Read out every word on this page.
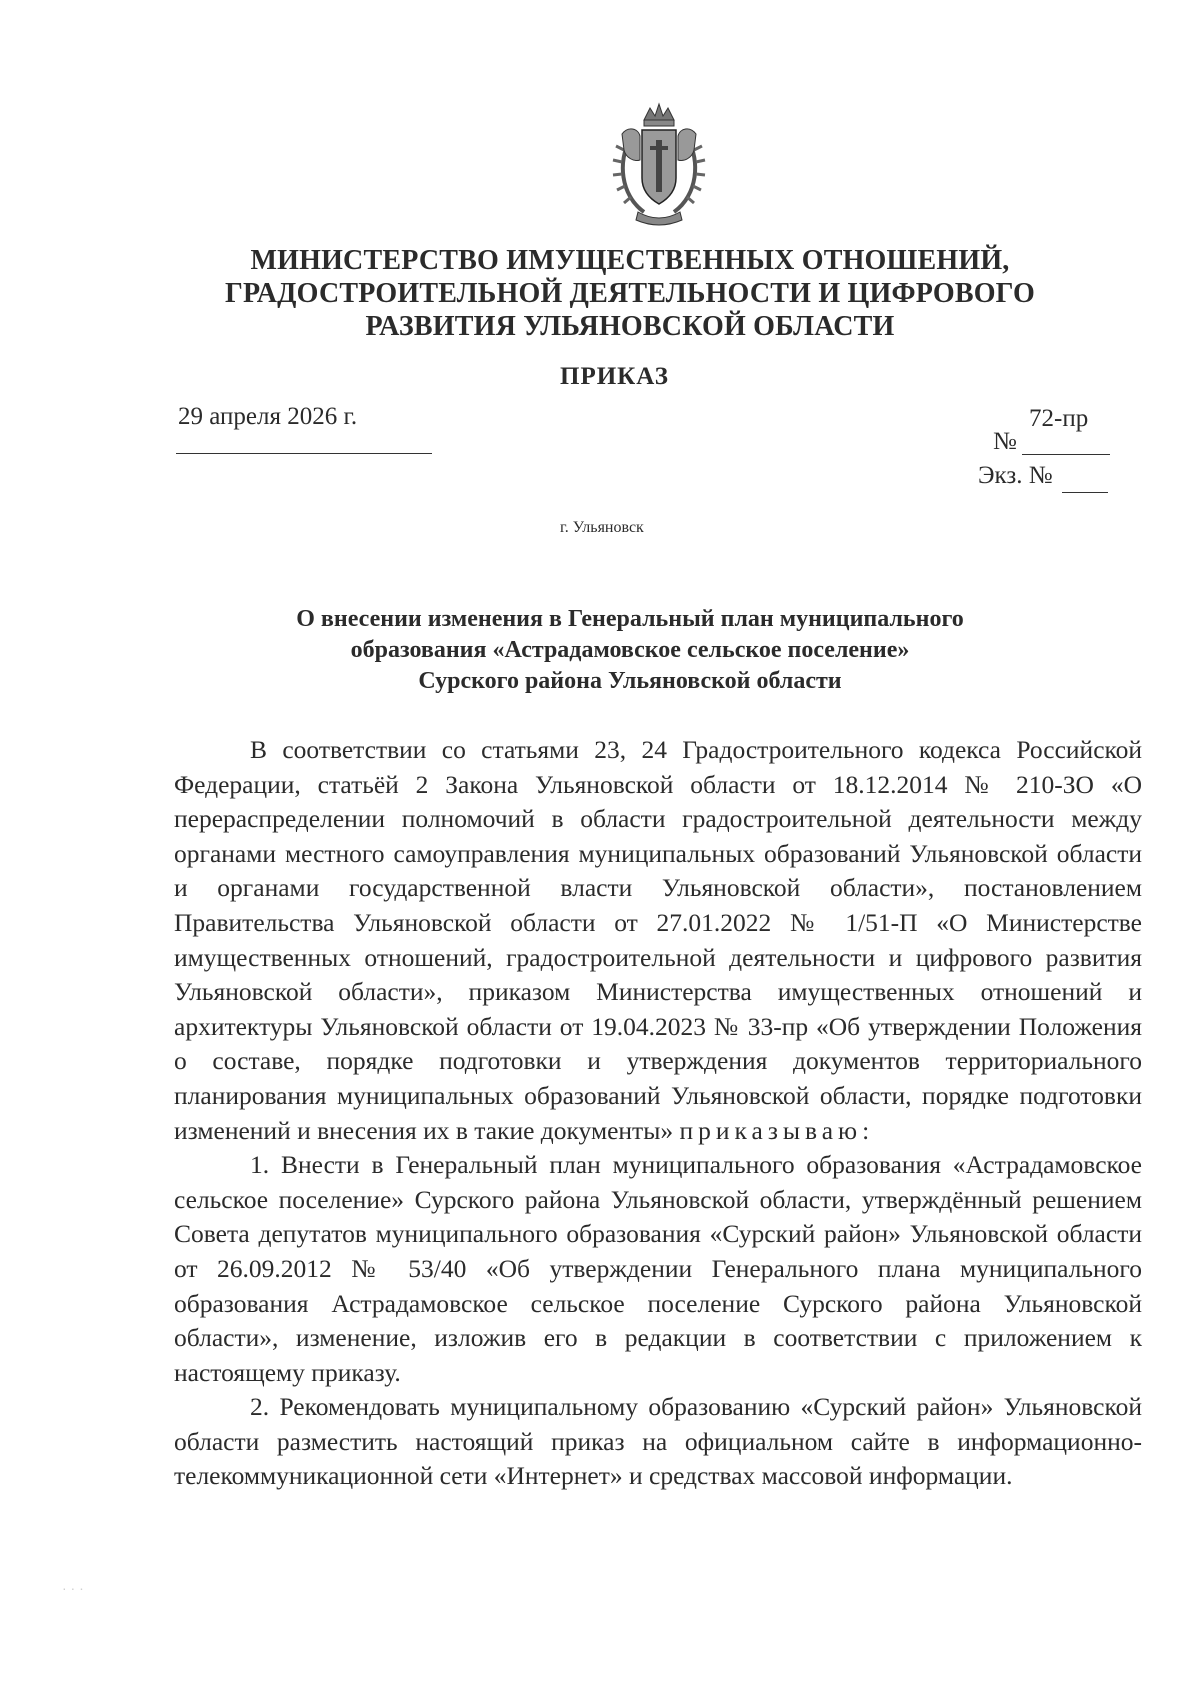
МИНИСТЕРСТВО ИМУЩЕСТВЕННЫХ ОТНОШЕНИЙ,
ГРАДОСТРОИТЕЛЬНОЙ ДЕЯТЕЛЬНОСТИ И ЦИФРОВОГО
РАЗВИТИЯ УЛЬЯНОВСКОЙ ОБЛАСТИ
ПРИКАЗ
29 апреля 2026 г.	72-пр
№
Экз. №
г. Ульяновск
О внесении изменения в Генеральный план муниципального
образования «Астрадамовское сельское поселение»
Сурского района Ульяновской области

В соответствии со статьями 23, 24 Градостроительного кодекса Российской Федерации, статьёй 2 Закона Ульяновской области от 18.12.2014 № 210-ЗО «О перераспределении полномочий в области градостроительной деятельности между органами местного самоуправления муниципальных образований Ульяновской области и органами государственной власти Ульяновской области», постановлением Правительства Ульяновской области от 27.01.2022 № 1/51-П «О Министерстве имущественных отношений, градостроительной деятельности и цифрового развития Ульяновской области», приказом Министерства имущественных отношений и архитектуры Ульяновской области от 19.04.2023 № 33-пр «Об утверждении Положения о составе, порядке подготовки и утверждения документов территориального планирования муниципальных образований Ульяновской области, порядке подготовки изменений и внесения их в такие документы» приказываю:

1. Внести в Генеральный план муниципального образования «Астрадамовское сельское поселение» Сурского района Ульяновской области, утверждённый решением Совета депутатов муниципального образования «Сурский район» Ульяновской области от 26.09.2012 № 53/40 «Об утверждении Генерального плана муниципального образования Астрадамовское сельское поселение Сурского района Ульяновской области», изменение, изложив его в редакции в соответствии с приложением к настоящему приказу.

2. Рекомендовать муниципальному образованию «Сурский район» Ульяновской области разместить настоящий приказ на официальном сайте в информационно-телекоммуникационной сети «Интернет» и средствах массовой информации.

· · ·
